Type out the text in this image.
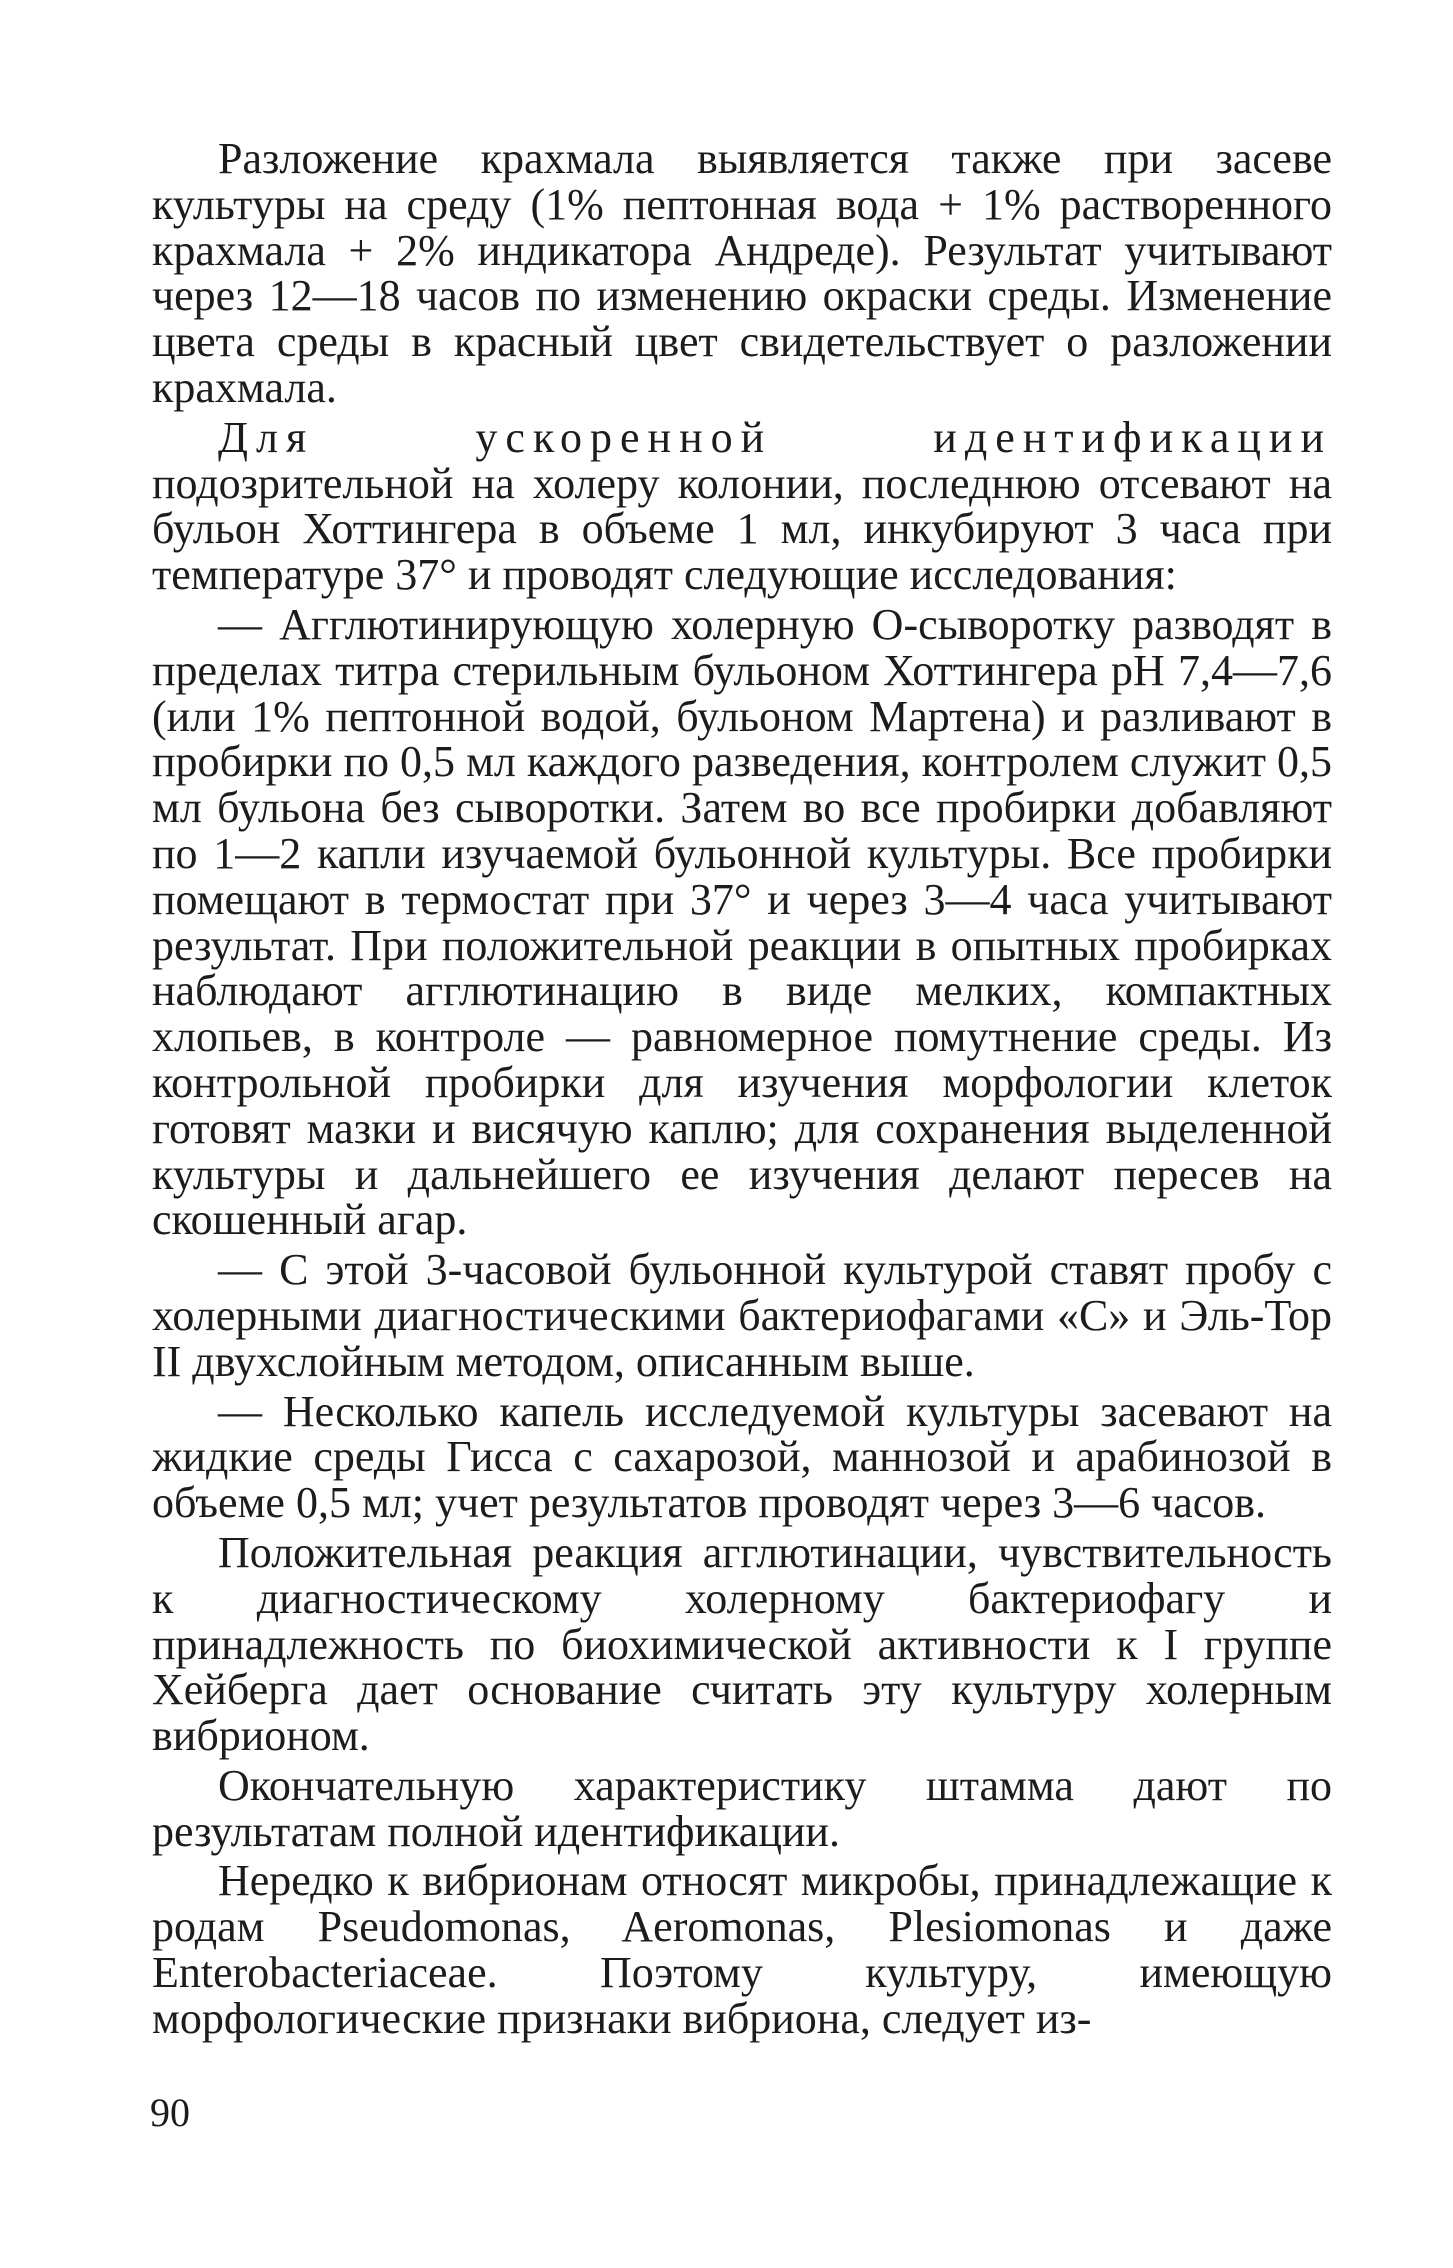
Разложение крахмала выявляется также при засеве культуры на среду (1% пептонная вода + 1% растворенного крахмала + 2% индикатора Андреде). Результат учитывают через 12—18 часов по изменению окраски среды. Изменение цвета среды в красный цвет свидетельствует о разложении крахмала.

Для ускоренной идентификации подозрительной на холеру колонии, последнюю отсевают на бульон Хоттингера в объеме 1 мл, инкубируют 3 часа при температуре 37° и проводят следующие исследования:

— Агглютинирующую холерную О-сыворотку разводят в пределах титра стерильным бульоном Хоттингера рН 7,4—7,6 (или 1% пептонной водой, бульоном Мартена) и разливают в пробирки по 0,5 мл каждого разведения, контролем служит 0,5 мл бульона без сыворотки. Затем во все пробирки добавляют по 1—2 капли изучаемой бульонной культуры. Все пробирки помещают в термостат при 37° и через 3—4 часа учитывают результат. При положительной реакции в опытных пробирках наблюдают агглютинацию в виде мелких, компактных хлопьев, в контроле — равномерное помутнение среды. Из контрольной пробирки для изучения морфологии клеток готовят мазки и висячую каплю; для сохранения выделенной культуры и дальнейшего ее изучения делают пересев на скошенный агар.

— С этой 3-часовой бульонной культурой ставят пробу с холерными диагностическими бактериофагами «С» и Эль-Тор II двухслойным методом, описанным выше.

— Несколько капель исследуемой культуры засевают на жидкие среды Гисса с сахарозой, маннозой и арабинозой в объеме 0,5 мл; учет результатов проводят через 3—6 часов.

Положительная реакция агглютинации, чувствительность к диагностическому холерному бактериофагу и принадлежность по биохимической активности к I группе Хейберга дает основание считать эту культуру холерным вибрионом.

Окончательную характеристику штамма дают по результатам полной идентификации.

Нередко к вибрионам относят микробы, принадлежащие к родам Pseudomonas, Aeromonas, Plesiomonas и даже Enterobacteriaceae. Поэтому культуру, имеющую морфологические признаки вибриона, следует из-

90
